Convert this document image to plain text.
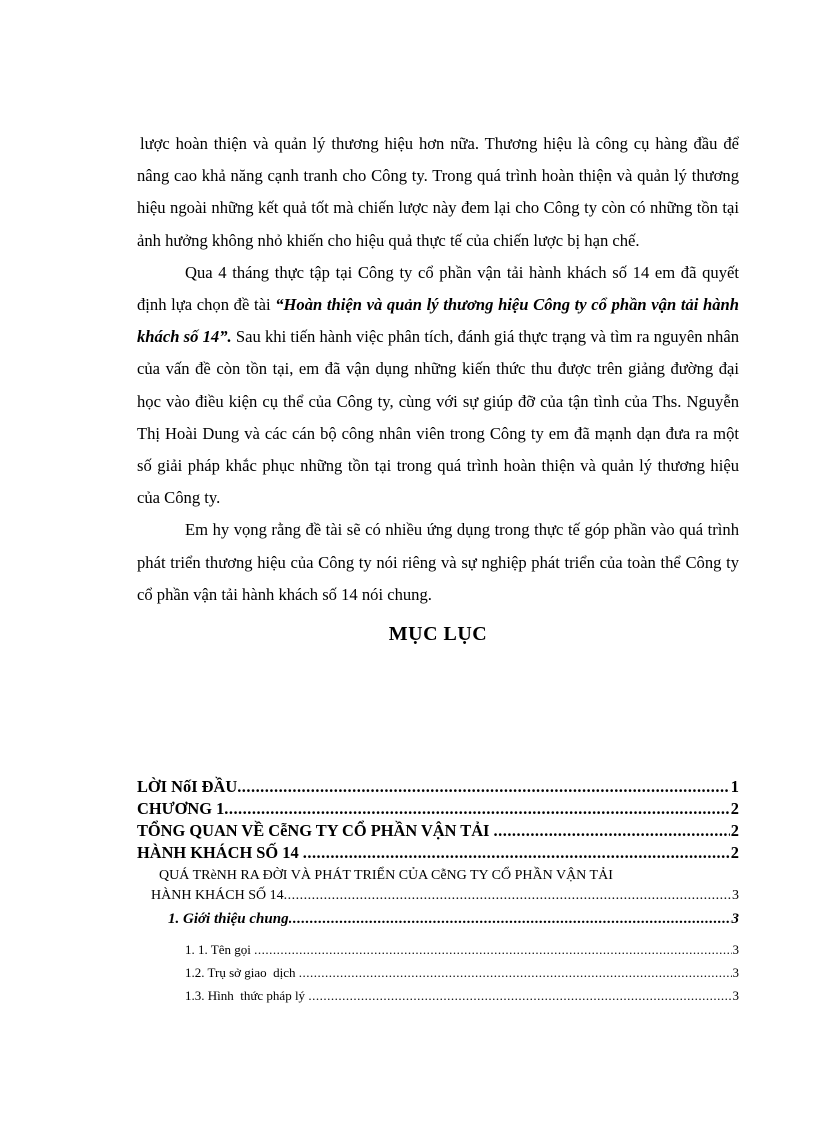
lược hoàn thiện và quản lý thương hiệu hơn nữa. Thương hiệu là công cụ hàng đầu để nâng cao khả năng cạnh tranh cho Công ty. Trong quá trình hoàn thiện và quản lý thương hiệu ngoài những kết quả tốt mà chiến lược này đem lại cho Công ty còn có những tồn tại ảnh hưởng không nhỏ khiến cho hiệu quả thực tế của chiến lược bị hạn chế.

Qua 4 tháng thực tập tại Công ty cổ phần vận tải hành khách số 14 em đã quyết định lựa chọn đề tài “Hoàn thiện và quản lý thương hiệu Công ty cổ phần vận tải hành khách số 14”. Sau khi tiến hành việc phân tích, đánh giá thực trạng và tìm ra nguyên nhân của vấn đề còn tồn tại, em đã vận dụng những kiến thức thu được trên giảng đường đại học vào điều kiện cụ thể của Công ty, cùng với sự giúp đỡ của tận tình của Ths. Nguyễn Thị Hoài Dung và các cán bộ công nhân viên trong Công ty em đã mạnh dạn đưa ra một số giải pháp khắc phục những tồn tại trong quá trình hoàn thiện và quản lý thương hiệu của Công ty.

Em hy vọng rằng đề tài sẽ có nhiều ứng dụng trong thực tế góp phần vào quá trình phát triển thương hiệu của Công ty nói riêng và sự nghiệp phát triển của toàn thể Công ty cổ phần vận tải hành khách số 14 nói chung.

MỤC LỤC
LỜI NốI ĐẦU .....	1
CHƯƠNG 1 .....	2
TỔNG QUAN VỀ CễNG TY CỔ PHẦN VẬN TẢI .....	2
HÀNH KHÁCH SỐ 14 .....	2
QUÁ TRèNH RA ĐỜI VÀ PHÁT TRIỂN CỦA CễNG TY CỔ PHẦN VẬN TẢI
HÀNH KHÁCH SỐ 14 .....	3
1. Giới thiệu chung .....	3
1. 1. Tên gọi .....	3
1.2. Trụ sở giao  dịch .....	3
1.3. Hình  thức pháp lý .....	3
